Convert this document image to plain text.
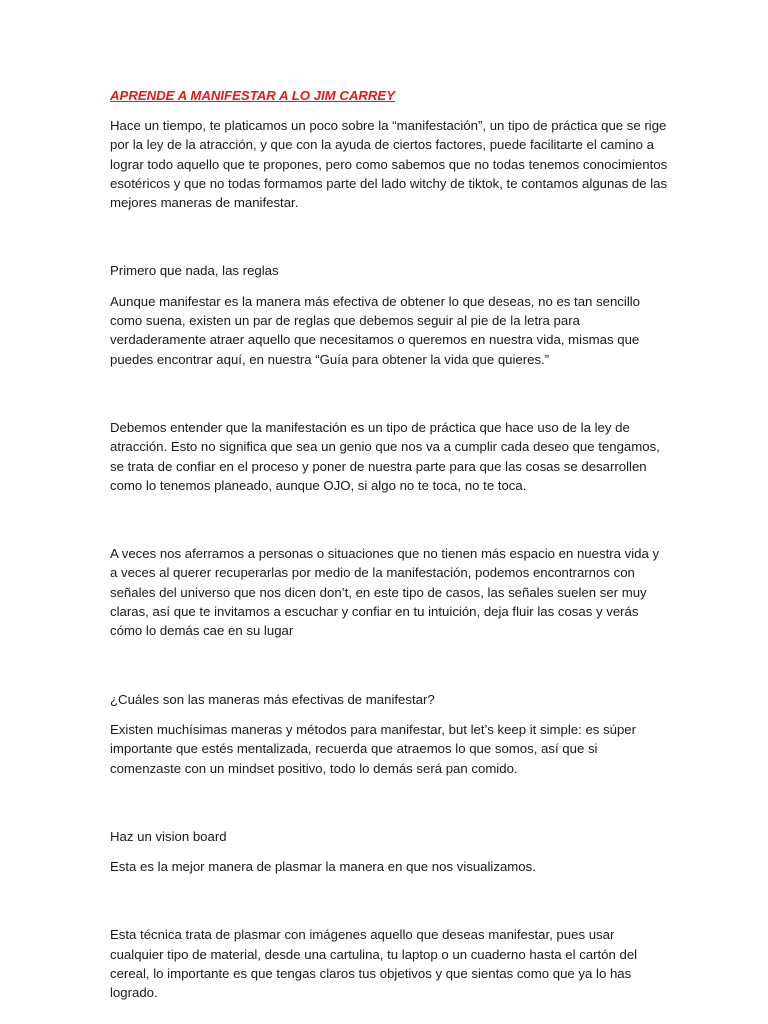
APRENDE A MANIFESTAR A LO JIM CARREY

Hace un tiempo, te platicamos un poco sobre la “manifestación”, un tipo de práctica que se rige por la ley de la atracción, y que con la ayuda de ciertos factores, puede facilitarte el camino a lograr todo aquello que te propones, pero como sabemos que no todas tenemos conocimientos esotéricos y que no todas formamos parte del lado witchy de tiktok, te contamos algunas de las mejores maneras de manifestar.

Primero que nada, las reglas

Aunque manifestar es la manera más efectiva de obtener lo que deseas, no es tan sencillo como suena, existen un par de reglas que debemos seguir al pie de la letra para verdaderamente atraer aquello que necesitamos o queremos en nuestra vida, mismas que puedes encontrar aquí, en nuestra “Guía para obtener la vida que quieres.”

Debemos entender que la manifestación es un tipo de práctica que hace uso de la ley de atracción. Esto no significa que sea un genio que nos va a cumplir cada deseo que tengamos, se trata de confiar en el proceso y poner de nuestra parte para que las cosas se desarrollen como lo tenemos planeado, aunque OJO, si algo no te toca, no te toca.

A veces nos aferramos a personas o situaciones que no tienen más espacio en nuestra vida y a veces al querer recuperarlas por medio de la manifestación, podemos encontrarnos con señales del universo que nos dicen don’t, en este tipo de casos, las señales suelen ser muy claras, así que te invitamos a escuchar y confiar en tu intuición, deja fluir las cosas y verás cómo lo demás cae en su lugar

¿Cuáles son las maneras más efectivas de manifestar?

Existen muchísimas maneras y métodos para manifestar, but let’s keep it simple: es súper importante que estés mentalizada, recuerda que atraemos lo que somos, así que si comenzaste con un mindset positivo, todo lo demás será pan comido.

Haz un vision board

Esta es la mejor manera de plasmar la manera en que nos visualizamos.

Esta técnica trata de plasmar con imágenes aquello que deseas manifestar, pues usar cualquier tipo de material, desde una cartulina, tu laptop o un cuaderno hasta el cartón del cereal, lo importante es que tengas claros tus objetivos y que sientas como que ya lo has logrado.
